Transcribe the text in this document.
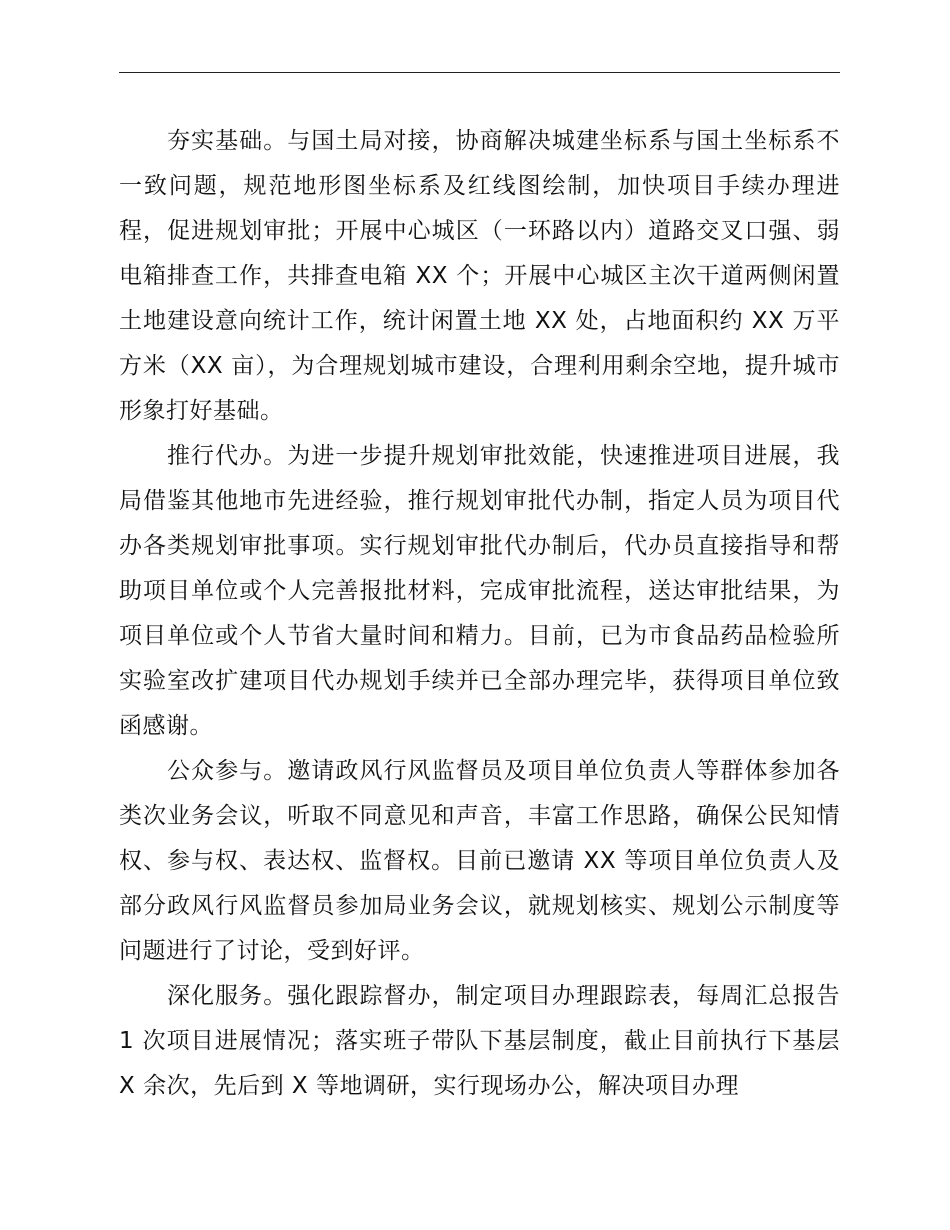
夯实基础。与国土局对接，协商解决城建坐标系与国土坐标系不一致问题，规范地形图坐标系及红线图绘制，加快项目手续办理进程，促进规划审批；开展中心城区（一环路以内）道路交叉口强、弱电箱排查工作，共排查电箱 XX 个；开展中心城区主次干道两侧闲置土地建设意向统计工作，统计闲置土地 XX 处，占地面积约 XX 万平方米（XX 亩），为合理规划城市建设，合理利用剩余空地，提升城市形象打好基础。

推行代办。为进一步提升规划审批效能，快速推进项目进展，我局借鉴其他地市先进经验，推行规划审批代办制，指定人员为项目代办各类规划审批事项。实行规划审批代办制后，代办员直接指导和帮助项目单位或个人完善报批材料，完成审批流程，送达审批结果，为项目单位或个人节省大量时间和精力。目前，已为市食品药品检验所实验室改扩建项目代办规划手续并已全部办理完毕，获得项目单位致函感谢。

公众参与。邀请政风行风监督员及项目单位负责人等群体参加各类次业务会议，听取不同意见和声音，丰富工作思路，确保公民知情权、参与权、表达权、监督权。目前已邀请 XX 等项目单位负责人及部分政风行风监督员参加局业务会议，就规划核实、规划公示制度等问题进行了讨论，受到好评。

深化服务。强化跟踪督办，制定项目办理跟踪表，每周汇总报告 1 次项目进展情况；落实班子带队下基层制度，截止目前执行下基层 X 余次，先后到 X 等地调研，实行现场办公，解决项目办理
